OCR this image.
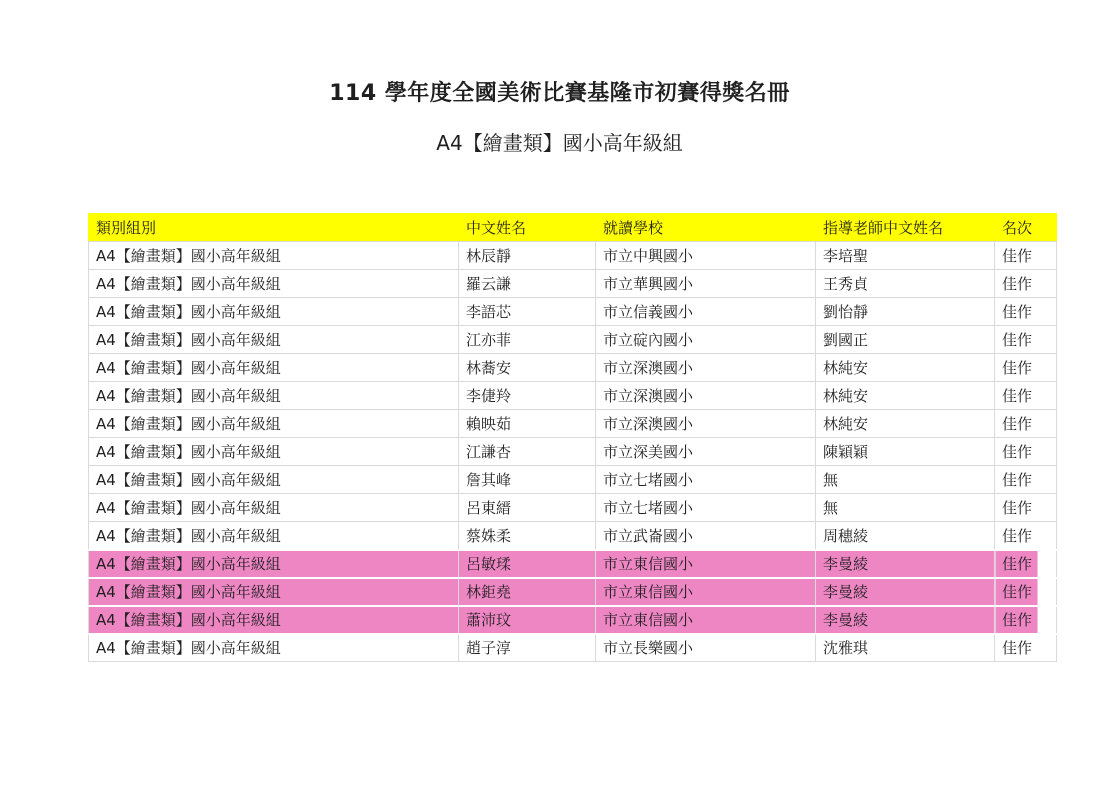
114 學年度全國美術比賽基隆市初賽得獎名冊
A4【繪畫類】國小高年級組
類別組別	中文姓名	就讀學校	指導老師中文姓名	名次
A4【繪畫類】國小高年級組	林辰靜	市立中興國小	李培聖	佳作
A4【繪畫類】國小高年級組	羅云謙	市立華興國小	王秀貞	佳作
A4【繪畫類】國小高年級組	李語芯	市立信義國小	劉怡靜	佳作
A4【繪畫類】國小高年級組	江亦菲	市立碇內國小	劉國正	佳作
A4【繪畫類】國小高年級組	林蕎安	市立深澳國小	林純安	佳作
A4【繪畫類】國小高年級組	李倢羚	市立深澳國小	林純安	佳作
A4【繪畫類】國小高年級組	賴映茹	市立深澳國小	林純安	佳作
A4【繪畫類】國小高年級組	江謙杏	市立深美國小	陳穎穎	佳作
A4【繪畫類】國小高年級組	詹其峰	市立七堵國小	無	佳作
A4【繪畫類】國小高年級組	呂東縉	市立七堵國小	無	佳作
A4【繪畫類】國小高年級組	蔡姝柔	市立武崙國小	周穗綾	佳作
A4【繪畫類】國小高年級組	呂敏瑈	市立東信國小	李曼綾	佳作
A4【繪畫類】國小高年級組	林鉅堯	市立東信國小	李曼綾	佳作
A4【繪畫類】國小高年級組	蕭沛玟	市立東信國小	李曼綾	佳作
A4【繪畫類】國小高年級組	趙子淳	市立長樂國小	沈雅琪	佳作
